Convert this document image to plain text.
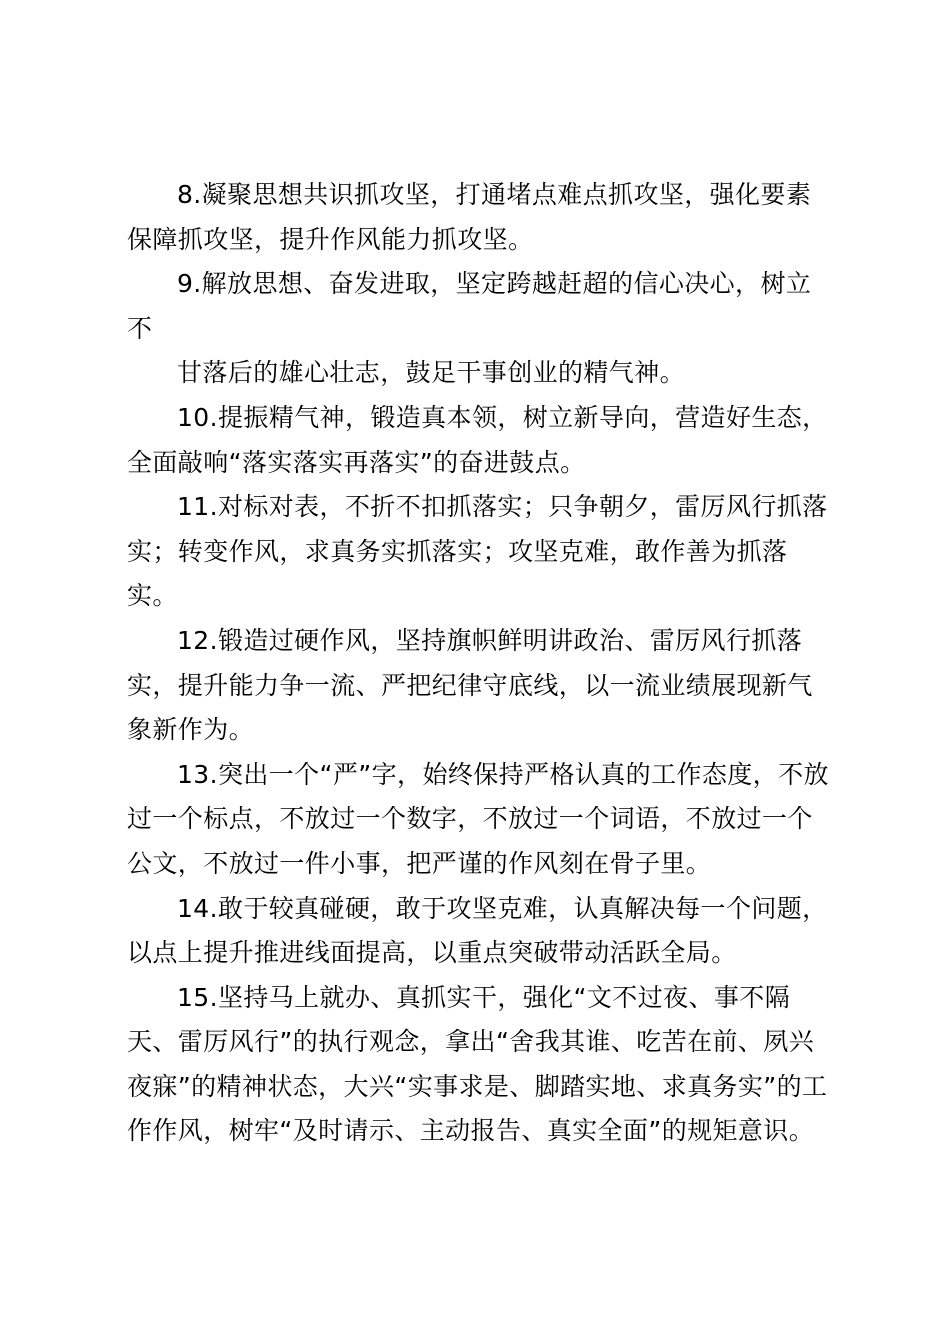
8.凝聚思想共识抓攻坚，打通堵点难点抓攻坚，强化要素
保障抓攻坚，提升作风能力抓攻坚。

9.解放思想、奋发进取，坚定跨越赶超的信心决心，树立
不

甘落后的雄心壮志，鼓足干事创业的精气神。

10.提振精气神，锻造真本领，树立新导向，营造好生态，
全面敲响“落实落实再落实”的奋进鼓点。

11.对标对表，不折不扣抓落实；只争朝夕，雷厉风行抓落
实；转变作风，求真务实抓落实；攻坚克难，敢作善为抓落
实。

12.锻造过硬作风，坚持旗帜鲜明讲政治、雷厉风行抓落
实，提升能力争一流、严把纪律守底线，以一流业绩展现新气
象新作为。

13.突出一个“严”字，始终保持严格认真的工作态度，不放
过一个标点，不放过一个数字，不放过一个词语，不放过一个
公文，不放过一件小事，把严谨的作风刻在骨子里。

14.敢于较真碰硬，敢于攻坚克难，认真解决每一个问题，
以点上提升推进线面提高，以重点突破带动活跃全局。

15.坚持马上就办、真抓实干，强化“文不过夜、事不隔
天、雷厉风行”的执行观念，拿出“舍我其谁、吃苦在前、夙兴
夜寐”的精神状态，大兴“实事求是、脚踏实地、求真务实”的工
作作风，树牢“及时请示、主动报告、真实全面”的规矩意识。
